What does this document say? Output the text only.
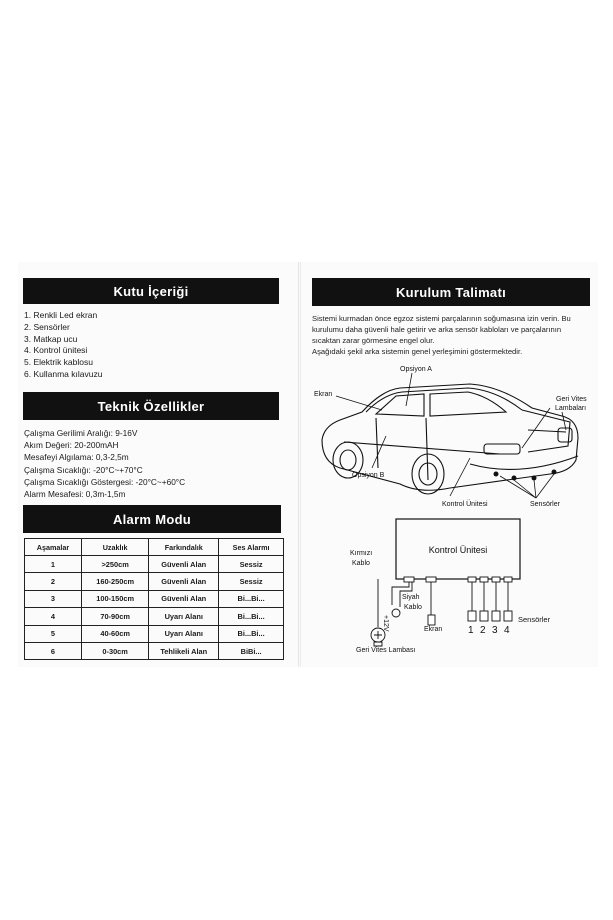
Kutu İçeriği
1. Renkli Led ekran
2. Sensörler
3. Matkap ucu
4. Kontrol ünitesi
5. Elektrik kablosu
6. Kullanma kılavuzu
Teknik Özellikler
Çalışma Gerilimi Aralığı: 9-16V
Akım Değeri: 20-200mAH
Mesafeyi Algılama: 0,3-2,5m
Çalışma Sıcaklığı: -20°C~+70°C
Çalışma Sıcaklığı Göstergesi: -20°C~+60°C
Alarm Mesafesi: 0,3m-1,5m
Alarm Modu
Aşamalar	Uzaklık	Farkındalık	Ses Alarmı
1	>250cm	Güvenli Alan	Sessiz
2	160-250cm	Güvenli Alan	Sessiz
3	100-150cm	Güvenli Alan	Bi...Bi...
4	70-90cm	Uyarı Alanı	Bi...Bi...
5	40-60cm	Uyarı Alanı	Bi...Bi...
6	0-30cm	Tehlikeli Alan	BiBi...
Kurulum Talimatı
Sistemi kurmadan önce egzoz sistemi parçalarının soğumasına izin verin. Bu kurulumu daha güvenli hale getirir ve arka sensör kabloları ve parçalarının sıcaktan zarar görmesine engel olur.
Aşağıdaki şekil arka sistemin genel yerleşimini göstermektedir.
Opsiyon A
Ekran
Geri Vites
Lambaları
Opsiyon B
Kontrol Ünitesi	Sensörler
Kontrol Ünitesi
Kırmızı
Kablo
Siyah
Kablo
+12V	Ekran	1 2 3 4
Sensörler
Geri Vites Lambası
